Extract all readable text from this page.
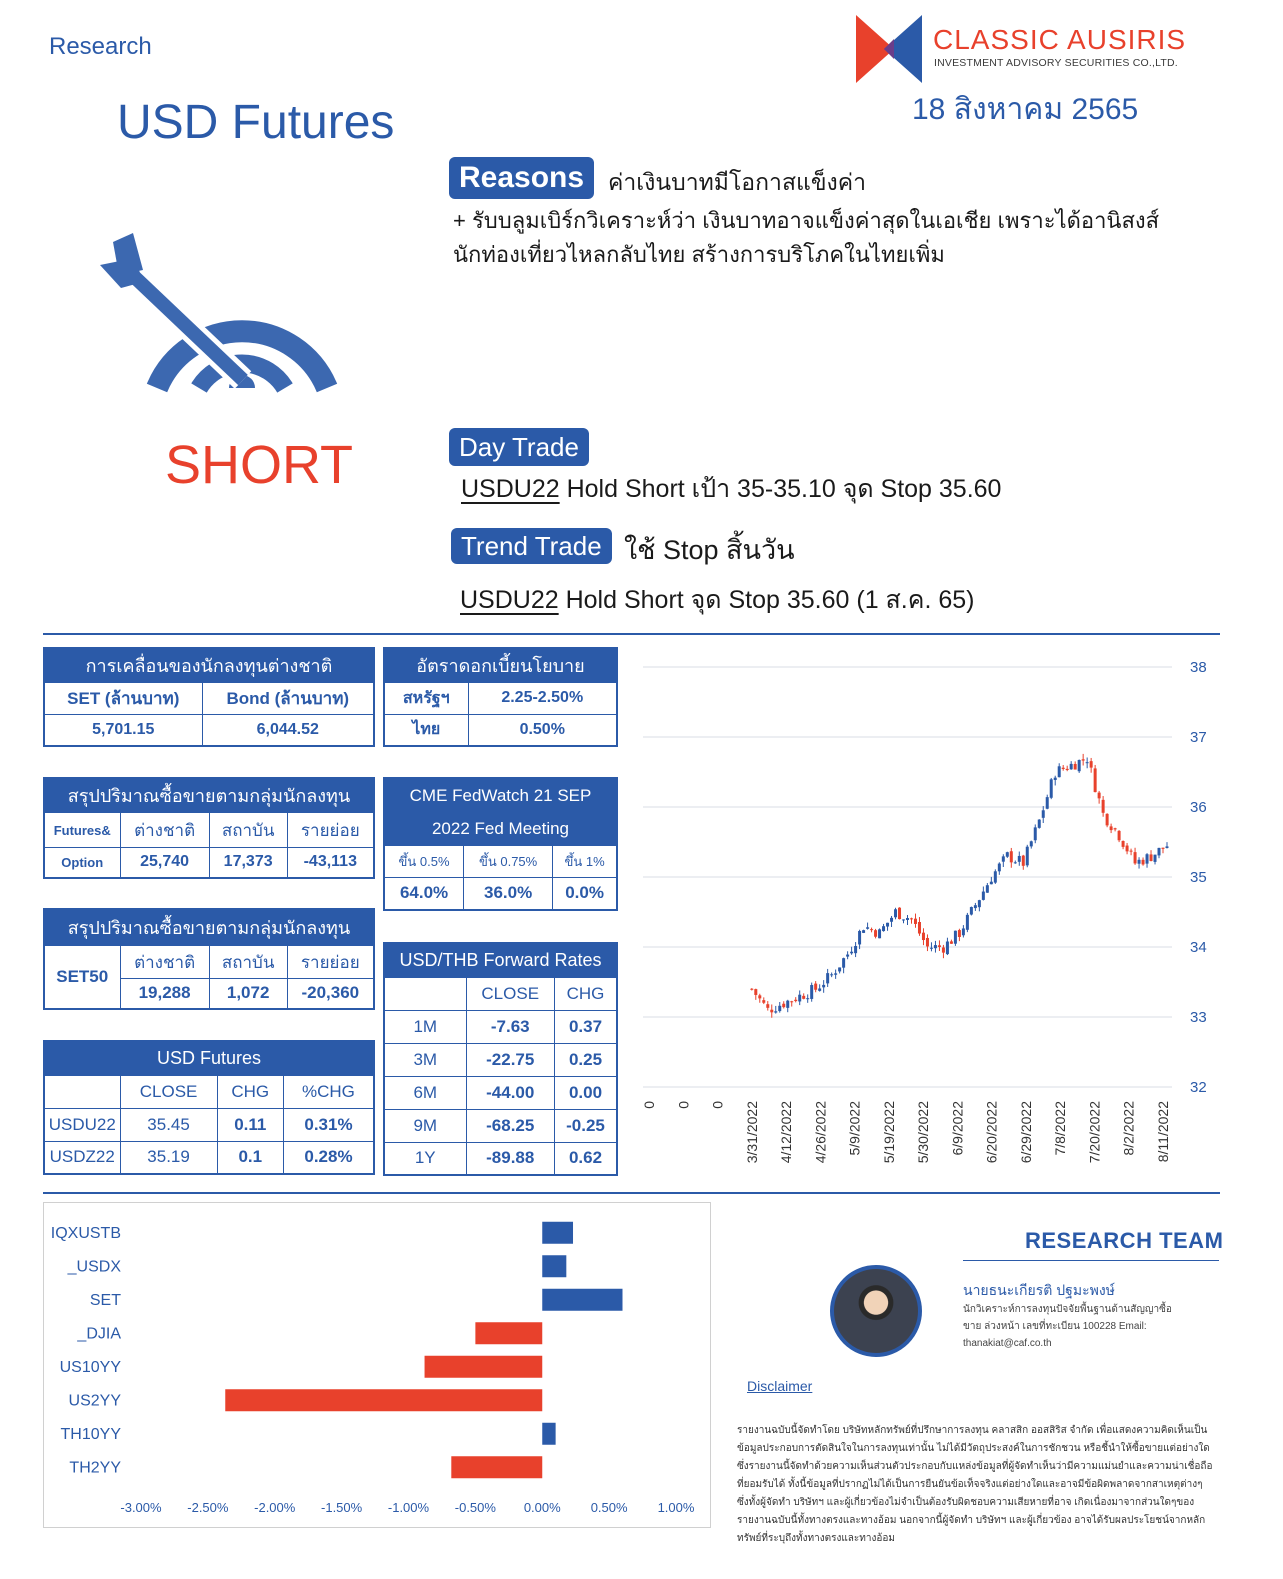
Research
USD Futures
CLASSIC AUSIRIS
INVESTMENT ADVISORY SECURITIES CO.,LTD.
18 สิงหาคม 2565
Reasons	ค่าเงินบาทมีโอกาสแข็งค่า
+ รับบลูมเบิร์กวิเคราะห์ว่า เงินบาทอาจแข็งค่าสุดในเอเชีย เพราะได้อานิสงส์ นักท่องเที่ยวไหลกลับไทย สร้างการบริโภคในไทยเพิ่ม
SHORT	Day Trade
USDU22 Hold Short เป้า 35-35.10 จุด Stop 35.60
Trend Trade ใช้ Stop สิ้นวัน
USDU22 Hold Short จุด Stop 35.60 (1 ส.ค. 65)
การเคลื่อนของนักลงทุนต่างชาติ	
SET (ล้านบาท)	Bond (ล้านบาท)
5,701.15	6,044.52
อัตราดอกเบี้ยนโยบาย	
สหรัฐฯ	2.25-2.50%
ไทย	0.50%
สรุปปริมาณซื้อขายตามกลุ่มนักลงทุน			
Futures&	ต่างชาติ	สถาบัน	รายย่อย
Option	25,740	17,373	-43,113
CME FedWatch 21 SEP		
2022 Fed Meeting		
ขึ้น 0.5%	ขึ้น 0.75%	ขึ้น 1%
64.0%	36.0%	0.0%
สรุปปริมาณซื้อขายตามกลุ่มนักลงทุน			
SET50	ต่างชาติ	สถาบัน	รายย่อย
	19,288	1,072	-20,360
USD Futures			
	CLOSE	CHG	%CHG
USDU22	35.45	0.11	0.31%
USDZ22	35.19	0.1	0.28%
USD/THB Forward Rates		
	CLOSE	CHG
1M	-7.63	0.37
3M	-22.75	0.25
6M	-44.00	0.00
9M	-68.25	-0.25
1Y	-89.88	0.62
38
37
36
35
34
33
32
0 0 0 3/31/2022 4/12/2022 4/26/2022 5/9/2022 5/19/2022 5/30/2022 6/9/2022 6/20/2022 6/29/2022 7/8/2022 7/20/2022 8/2/2022 8/11/2022
IQXUSTB
_USDX
SET
_DJIA
US10YY
US2YY
TH10YY
TH2YY
-3.00% -2.50% -2.00% -1.50% -1.00% -0.50% 0.00% 0.50% 1.00%
RESEARCH TEAM
นายธนะเกียรติ ปฐมะพงษ์
นักวิเคราะห์การลงทุนปัจจัยพื้นฐานด้านสัญญาซื้อขาย ล่วงหน้า เลขที่ทะเบียน 100228 Email: thanakiat@caf.co.th
Disclaimer
รายงานฉบับนี้จัดทำโดย บริษัทหลักทรัพย์ที่ปรึกษาการลงทุน คลาสสิก ออสสิริส จำกัด เพื่อแสดงความคิดเห็นเป็นข้อมูลประกอบการตัดสินใจในการลงทุนเท่านั้น ไม่ได้มีวัตถุประสงค์ในการชักชวน หรือชี้นำให้ซื้อขายแต่อย่างใด ซึ่งรายงานนี้จัดทำด้วยความเห็นส่วนตัวประกอบกับแหล่งข้อมูลที่ผู้จัดทำเห็นว่ามีความแม่นยำและความน่าเชื่อถือที่ยอมรับได้ ทั้งนี้ข้อมูลที่ปรากฏไม่ได้เป็นการยืนยันข้อเท็จจริงแต่อย่างใดและอาจมีข้อผิดพลาดจากสาเหตุต่างๆ ซึ่งทั้งผู้จัดทำ บริษัทฯ และผู้เกี่ยวข้องไม่จำเป็นต้องรับผิดชอบความเสียหายที่อาจ เกิดเนื่องมาจากส่วนใดๆของรายงานฉบับนี้ทั้งทางตรงและทางอ้อม นอกจากนี้ผู้จัดทำ บริษัทฯ และผู้เกี่ยวข้อง อาจได้รับผลประโยชน์จากหลักทรัพย์ที่ระบุถึงทั้งทางตรงและทางอ้อม
